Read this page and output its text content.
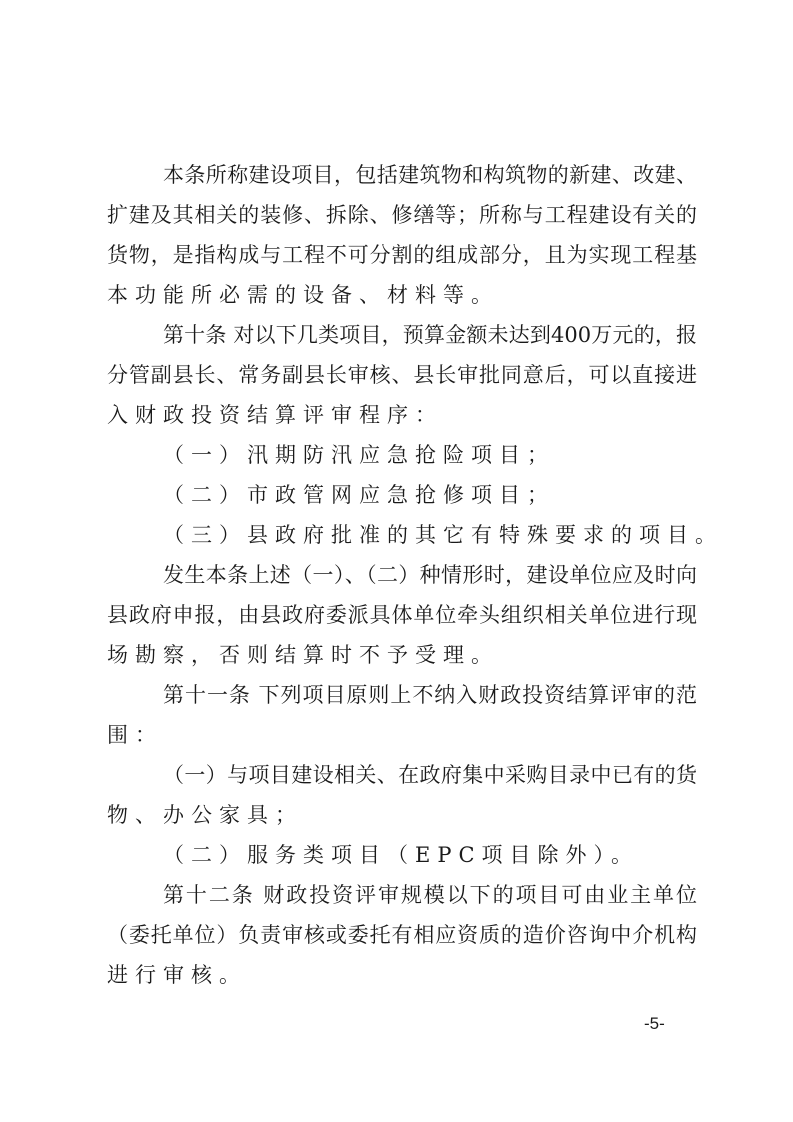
本条所称建设项目，包括建筑物和构筑物的新建、改建、
扩建及其相关的装修、拆除、修缮等；所称与工程建设有关的
货物，是指构成与工程不可分割的组成部分，且为实现工程基
本功能所必需的设备、材料等。
第十条 对以下几类项目，预算金额未达到400万元的，报
分管副县长、常务副县长审核、县长审批同意后，可以直接进
入财政投资结算评审程序：
（一）汛期防汛应急抢险项目；
（二）市政管网应急抢修项目；
（三）县政府批准的其它有特殊要求的项目。
发生本条上述（一）、（二）种情形时，建设单位应及时向
县政府申报，由县政府委派具体单位牵头组织相关单位进行现
场勘察，否则结算时不予受理。
第十一条 下列项目原则上不纳入财政投资结算评审的范
围：
（一）与项目建设相关、在政府集中采购目录中已有的货
物、办公家具；
（二）服务类项目（EPC项目除外）。
第十二条 财政投资评审规模以下的项目可由业主单位
（委托单位）负责审核或委托有相应资质的造价咨询中介机构
进行审核。
-5-
